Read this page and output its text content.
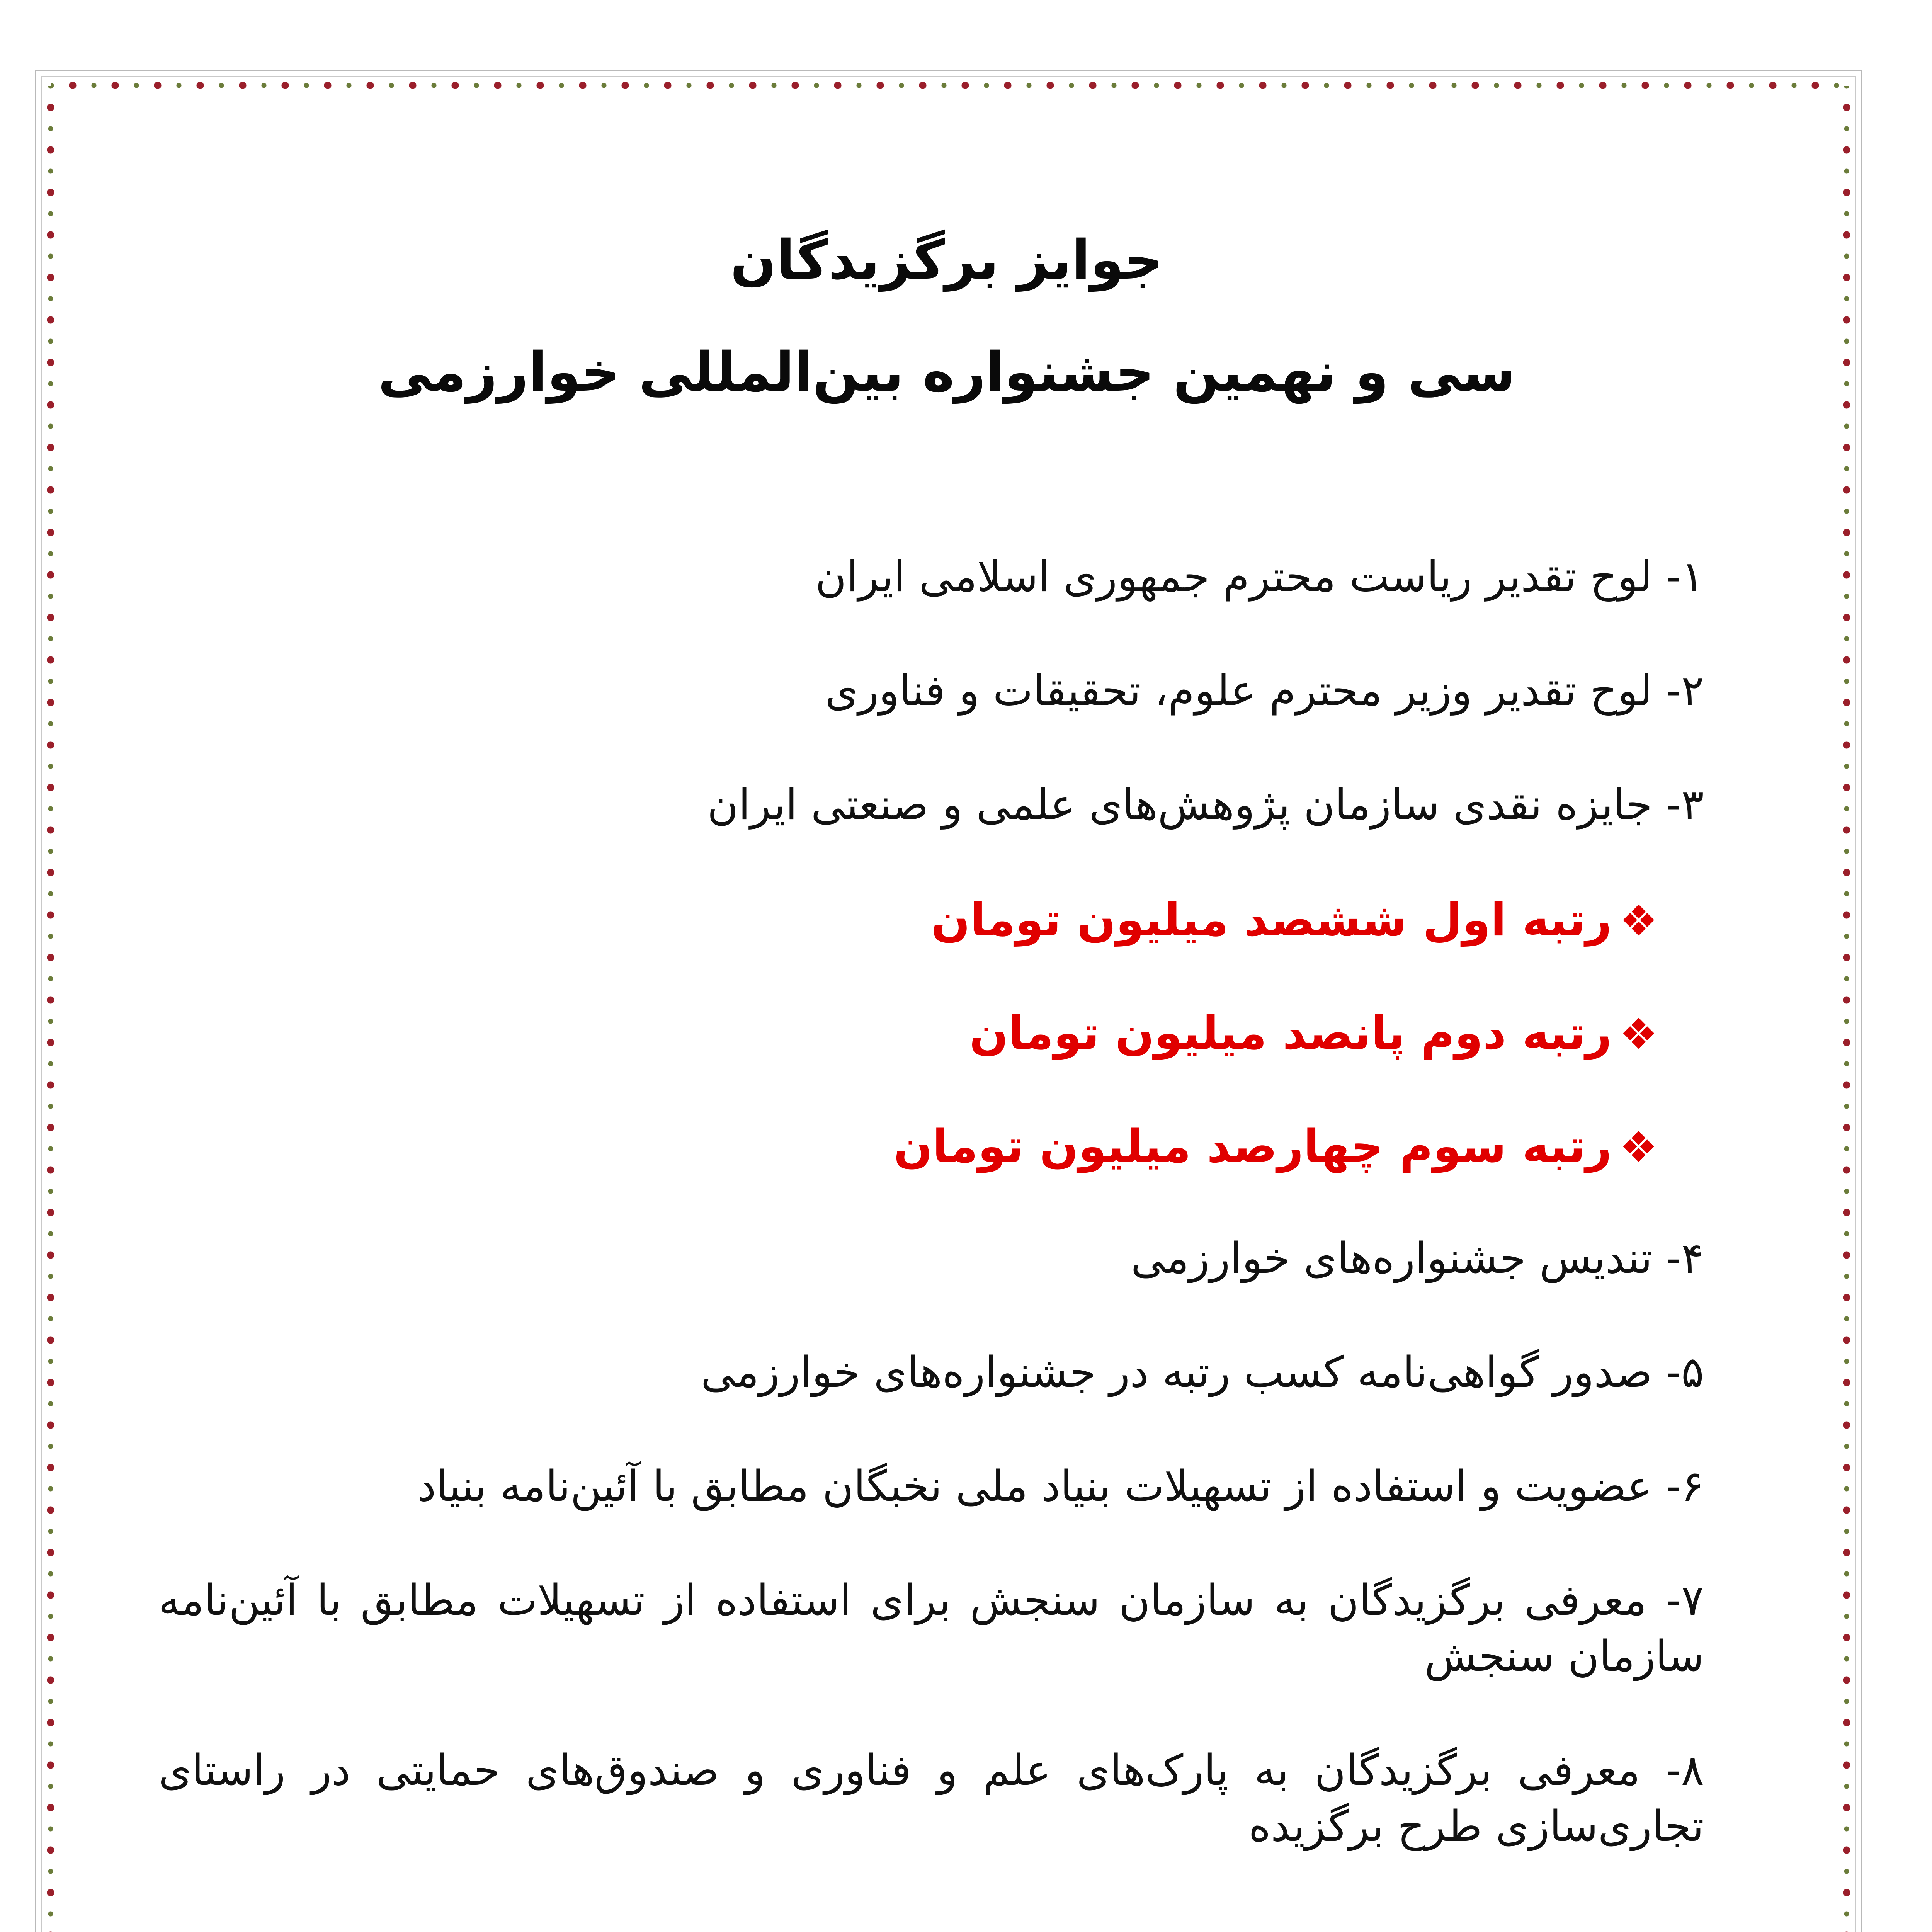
جوایز برگزیدگان
سی و نهمین جشنواره بین‌المللی خوارزمی

۱- لوح تقدیر ریاست محترم جمهوری اسلامی ایران

۲- لوح تقدیر وزیر محترم علوم، تحقیقات و فناوری

۳- جایزه نقدی سازمان پژوهش‌های علمی و صنعتی ایران

❖رتبه اول ششصد میلیون تومان

❖رتبه دوم پانصد میلیون تومان

❖رتبه سوم چهارصد میلیون تومان

۴- تندیس جشنواره‌های خوارزمی

۵- صدور گواهی‌نامه کسب رتبه در جشنواره‌های خوارزمی

۶- عضویت و استفاده از تسهیلات بنیاد ملی نخبگان مطابق با آئین‌نامه بنیاد

۷- معرفی برگزیدگان به سازمان سنجش برای استفاده از تسهیلات مطابق با آئین‌نامه سازمان سنجش

۸- معرفی برگزیدگان به پارک‌های علم و فناوری و صندوق‌های حمایتی در راستای تجاری‌سازی طرح برگزیده
